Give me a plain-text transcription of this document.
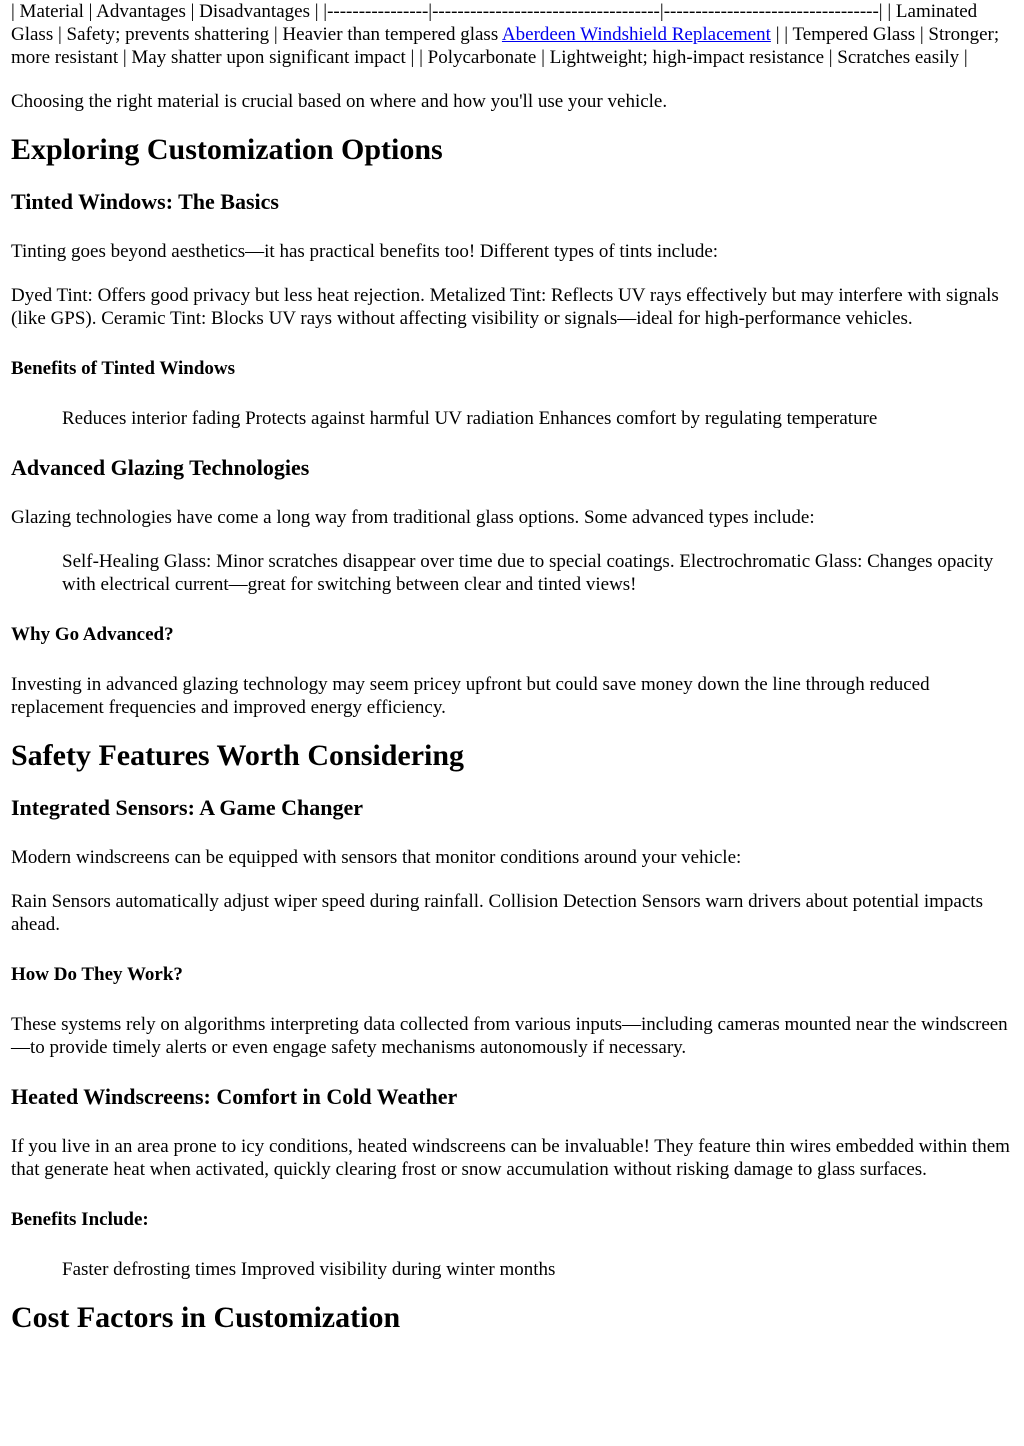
| Material | Advantages | Disadvantages | |----------------|------------------------------------|----------------------------------| | Laminated Glass | Safety; prevents shattering | Heavier than tempered glass Aberdeen Windshield Replacement | | Tempered Glass | Stronger; more resistant | May shatter upon significant impact | | Polycarbonate | Lightweight; high-impact resistance | Scratches easily |

Choosing the right material is crucial based on where and how you'll use your vehicle.

Exploring Customization Options
Tinted Windows: The Basics

Tinting goes beyond aesthetics—it has practical benefits too! Different types of tints include:

Dyed Tint: Offers good privacy but less heat rejection. Metalized Tint: Reflects UV rays effectively but may interfere with signals (like GPS). Ceramic Tint: Blocks UV rays without affecting visibility or signals—ideal for high-performance vehicles.

Benefits of Tinted Windows
Reduces interior fading Protects against harmful UV radiation Enhances comfort by regulating temperature
Advanced Glazing Technologies

Glazing technologies have come a long way from traditional glass options. Some advanced types include:

Self-Healing Glass: Minor scratches disappear over time due to special coatings. Electrochromatic Glass: Changes opacity with electrical current—great for switching between clear and tinted views!
Why Go Advanced?

Investing in advanced glazing technology may seem pricey upfront but could save money down the line through reduced replacement frequencies and improved energy efficiency.

Safety Features Worth Considering
Integrated Sensors: A Game Changer

Modern windscreens can be equipped with sensors that monitor conditions around your vehicle:

Rain Sensors automatically adjust wiper speed during rainfall. Collision Detection Sensors warn drivers about potential impacts ahead.

How Do They Work?

These systems rely on algorithms interpreting data collected from various inputs—including cameras mounted near the windscreen—to provide timely alerts or even engage safety mechanisms autonomously if necessary.

Heated Windscreens: Comfort in Cold Weather

If you live in an area prone to icy conditions, heated windscreens can be invaluable! They feature thin wires embedded within them that generate heat when activated, quickly clearing frost or snow accumulation without risking damage to glass surfaces.

Benefits Include:
Faster defrosting times Improved visibility during winter months
Cost Factors in Customization
